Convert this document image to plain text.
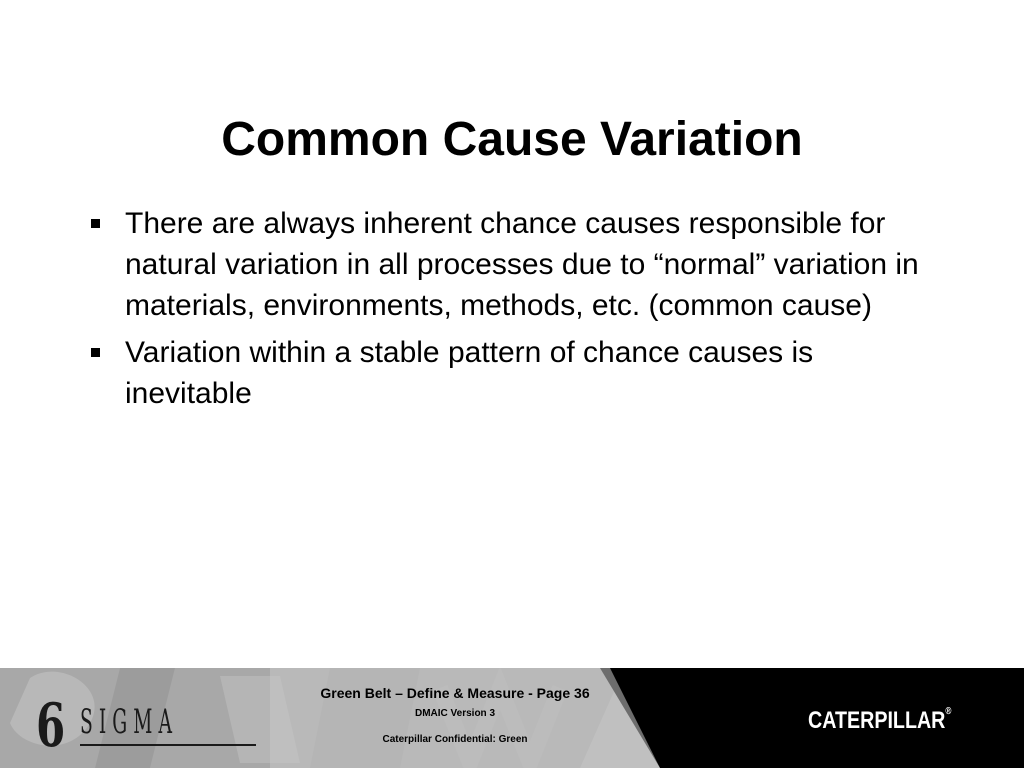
Common Cause Variation
There are always inherent chance causes responsible for natural variation in all processes due to “normal” variation in materials, environments, methods, etc. (common cause)
Variation within a stable pattern of chance causes is inevitable
Green Belt – Define & Measure - Page 36
DMAIC Version 3
Caterpillar Confidential: Green
6 SIGMA	CATERPILLAR®
